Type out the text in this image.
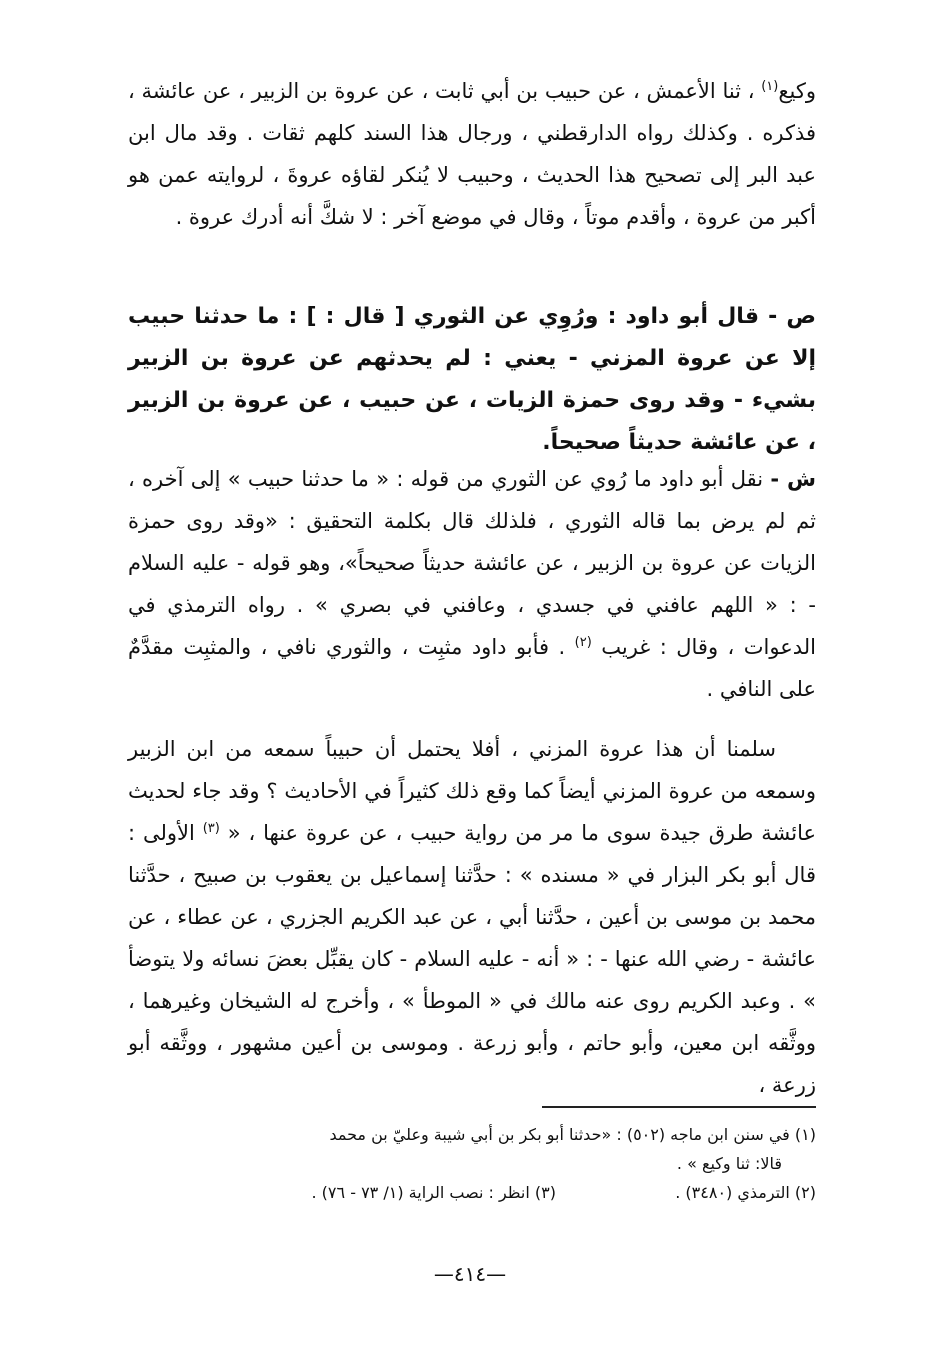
وكيع$^{(١)}$ ، ثنا الأعمش ، عن حبيب بن أبي ثابت ، عن عروة بن الزبير ، عن عائشة ، فذكره . وكذلك رواه الدارقطني ، ورجال هذا السند كلهم ثقات . وقد مال ابن عبد البر إلى تصحيح هذا الحديث ، وحبيب لا يُنكر لقاؤه عروةَ ، لروايته عمن هو أكبر من عروة ، وأقدم موتاً ، وقال في موضع آخر : لا شكَّ أنه أدرك عروة .

ص - قال أبو داود : ورُوِي عن الثوري [ قال : ] : ما حدثنا حبيب إلا عن عروة المزني - يعني : لم يحدثهم عن عروة بن الزبير بشيء - وقد روى حمزة الزيات ، عن حبيب ، عن عروة بن الزبير ، عن عائشة حديثاً صحيحاً.

ش - نقل أبو داود ما رُوي عن الثوري من قوله : « ما حدثنا حبيب » إلى آخره ، ثم لم يرض بما قاله الثوري ، فلذلك قال بكلمة التحقيق : «وقد روى حمزة الزيات عن عروة بن الزبير ، عن عائشة حديثاً صحيحاً»، وهو قوله - عليه السلام - : « اللهم عافني في جسدي ، وعافني في بصري » . رواه الترمذي في الدعوات ، وقال : غريب $^{(٢)}$ . فأبو داود مثبِت ، والثوري نافي ، والمثبِت مقدَّمٌ على النافي .

سلمنا أن هذا عروة المزني ، أفلا يحتمل أن حبيباً سمعه من ابن الزبير وسمعه من عروة المزني أيضاً كما وقع ذلك كثيراً في الأحاديث ؟ وقد جاء لحديث عائشة طرق جيدة سوى ما مر من رواية حبيب ، عن عروة عنها ، « $^{(٣)}$ الأولى : قال أبو بكر البزار في « مسنده » : حدَّثنا إسماعيل بن يعقوب بن صبيح ، حدَّثنا محمد بن موسى بن أعين ، حدَّثنا أبي ، عن عبد الكريم الجزري ، عن عطاء ، عن عائشة - رضي الله عنها - : « أنه - عليه السلام - كان يقبِّل بعضَ نسائه ولا يتوضأ » . وعبد الكريم روى عنه مالك في « الموطأ » ، وأخرج له الشيخان وغيرهما ، ووثَّقه ابن معين، وأبو حاتم ، وأبو زرعة . وموسى بن أعين مشهور ، ووثَّقه أبو زرعة ،

(١) في سنن ابن ماجه (٥٠٢) : «حدثنا أبو بكر بن أبي شيبة وعليّ بن محمد

قالا: ثنا وكيع » .

(٢) الترمذي (٣٤٨٠) .
(٣) انظر : نصب الراية (١/ ٧٣ - ٧٦) .
—٤١٤—
